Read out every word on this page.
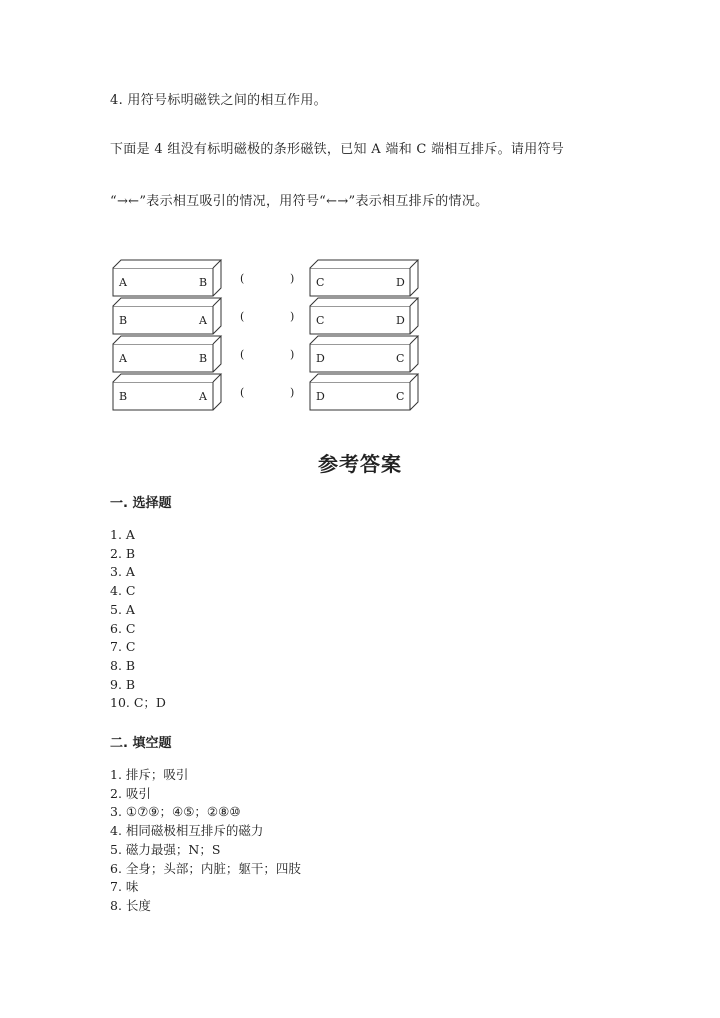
4. 用符号标明磁铁之间的相互作用。
下面是 4 组没有标明磁极的条形磁铁，已知 A 端和 C 端相互排斥。请用符号
“→←”表示相互吸引的情况，用符号“←→”表示相互排斥的情况。
A	B	(	) C	D
B	A	(	) C	D
A	B	(	) D	C
B	A	(	) D	C
参考答案
一. 选择题
1. A
2. B
3. A
4. C
5. A
6. C
7. C
8. B
9. B
10. C；D
二. 填空题
1. 排斥；吸引
2. 吸引
3. ①⑦⑨；④⑤；②⑧⑩
4. 相同磁极相互排斥的磁力
5. 磁力最强；N；S
6. 全身；头部；内脏；躯干；四肢
7. 味
8. 长度
